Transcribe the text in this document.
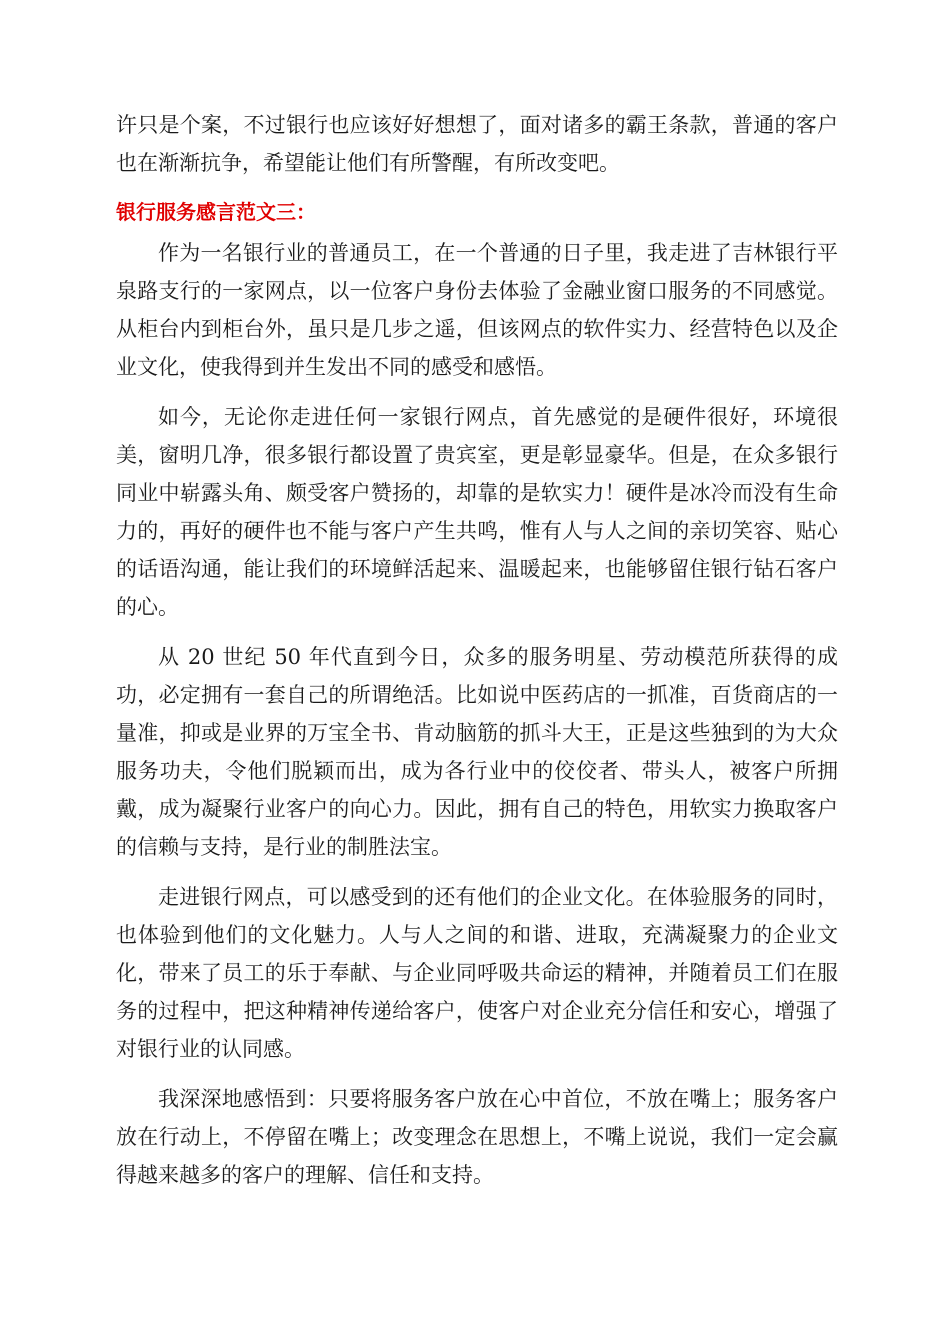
许只是个案，不过银行也应该好好想想了，面对诸多的霸王条款，普通的客户也在渐渐抗争，希望能让他们有所警醒，有所改变吧。

银行服务感言范文三：

作为一名银行业的普通员工，在一个普通的日子里，我走进了吉林银行平泉路支行的一家网点，以一位客户身份去体验了金融业窗口服务的不同感觉。从柜台内到柜台外，虽只是几步之遥，但该网点的软件实力、经营特色以及企业文化，使我得到并生发出不同的感受和感悟。

如今，无论你走进任何一家银行网点，首先感觉的是硬件很好，环境很美，窗明几净，很多银行都设置了贵宾室，更是彰显豪华。但是，在众多银行同业中崭露头角、颇受客户赞扬的，却靠的是软实力！硬件是冰冷而没有生命力的，再好的硬件也不能与客户产生共鸣，惟有人与人之间的亲切笑容、贴心的话语沟通，能让我们的环境鲜活起来、温暖起来，也能够留住银行钻石客户的心。

从 20 世纪 50 年代直到今日，众多的服务明星、劳动模范所获得的成功，必定拥有一套自己的所谓绝活。比如说中医药店的一抓准，百货商店的一量准，抑或是业界的万宝全书、肯动脑筋的抓斗大王，正是这些独到的为大众服务功夫，令他们脱颖而出，成为各行业中的佼佼者、带头人，被客户所拥戴，成为凝聚行业客户的向心力。因此，拥有自己的特色，用软实力换取客户的信赖与支持，是行业的制胜法宝。

走进银行网点，可以感受到的还有他们的企业文化。在体验服务的同时，也体验到他们的文化魅力。人与人之间的和谐、进取，充满凝聚力的企业文化，带来了员工的乐于奉献、与企业同呼吸共命运的精神，并随着员工们在服务的过程中，把这种精神传递给客户，使客户对企业充分信任和安心，增强了对银行业的认同感。

我深深地感悟到：只要将服务客户放在心中首位，不放在嘴上；服务客户放在行动上，不停留在嘴上；改变理念在思想上，不嘴上说说，我们一定会赢得越来越多的客户的理解、信任和支持。
